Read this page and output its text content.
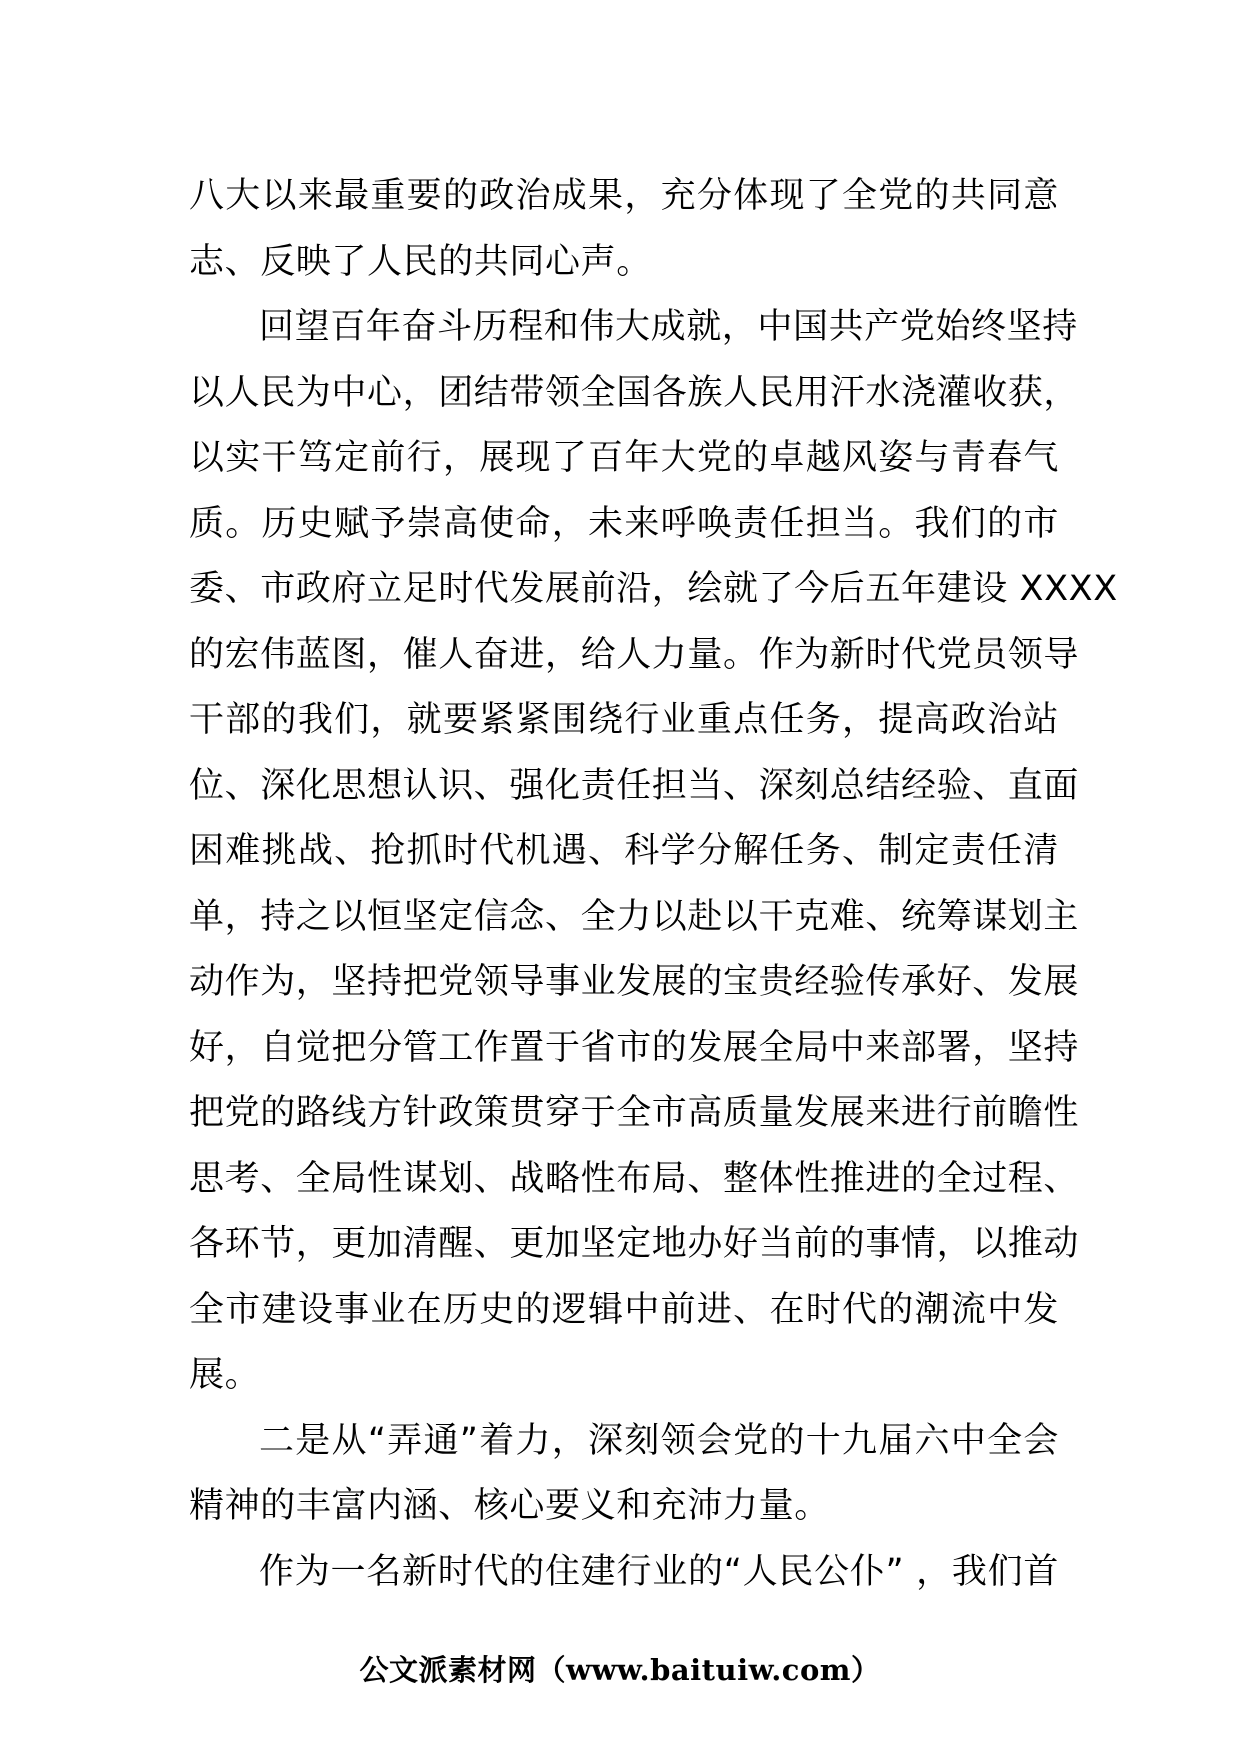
八大以来最重要的政治成果，充分体现了全党的共同意
志、反映了人民的共同心声。
回望百年奋斗历程和伟大成就，中国共产党始终坚持
以人民为中心，团结带领全国各族人民用汗水浇灌收获，
以实干笃定前行，展现了百年大党的卓越风姿与青春气
质。历史赋予崇高使命，未来呼唤责任担当。我们的市
委、市政府立足时代发展前沿，绘就了今后五年建设 XXXX
的宏伟蓝图，催人奋进，给人力量。作为新时代党员领导
干部的我们，就要紧紧围绕行业重点任务，提高政治站
位、深化思想认识、强化责任担当、深刻总结经验、直面
困难挑战、抢抓时代机遇、科学分解任务、制定责任清
单，持之以恒坚定信念、全力以赴以干克难、统筹谋划主
动作为，坚持把党领导事业发展的宝贵经验传承好、发展
好，自觉把分管工作置于省市的发展全局中来部署，坚持
把党的路线方针政策贯穿于全市高质量发展来进行前瞻性
思考、全局性谋划、战略性布局、整体性推进的全过程、
各环节，更加清醒、更加坚定地办好当前的事情，以推动
全市建设事业在历史的逻辑中前进、在时代的潮流中发
展。
二是从“弄通”着力，深刻领会党的十九届六中全会
精神的丰富内涵、核心要义和充沛力量。
作为一名新时代的住建行业的“人民公仆” ，我们首
公文派素材网（www.baituiw.com）
